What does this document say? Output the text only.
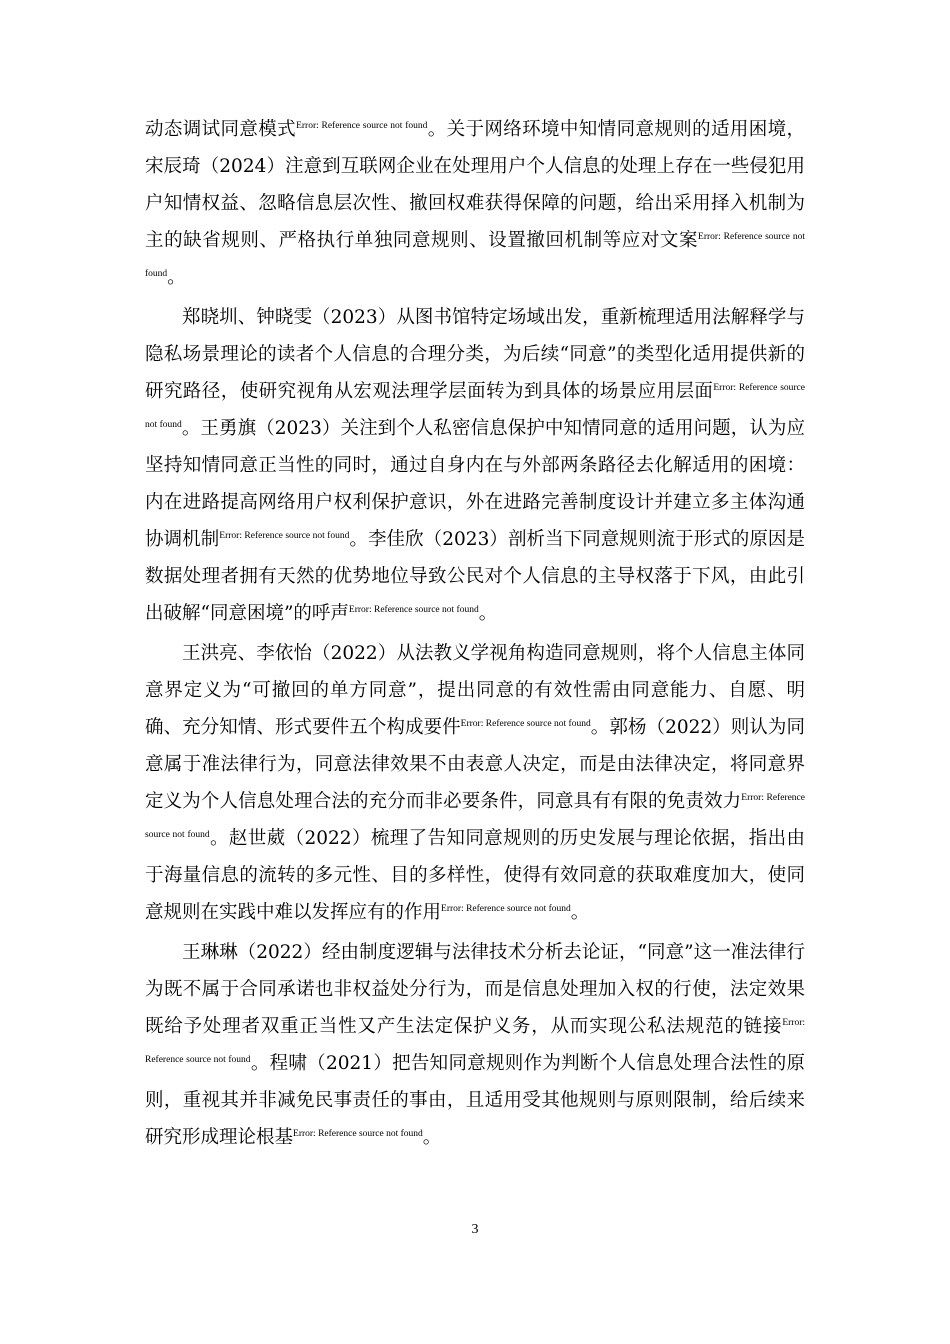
动态调试同意模式$^{Error: Reference source not found}$。关于网络环境中知情同意规则的适用困境，宋辰琦（2024）注意到互联网企业在处理用户个人信息的处理上存在一些侵犯用户知情权益、忽略信息层次性、撤回权难获得保障的问题，给出采用择入机制为主的缺省规则、严格执行单独同意规则、设置撤回机制等应对文案$^{Error: Reference source not found}$。

郑晓圳、钟晓雯（2023）从图书馆特定场域出发，重新梳理适用法解释学与隐私场景理论的读者个人信息的合理分类，为后续“同意”的类型化适用提供新的研究路径，使研究视角从宏观法理学层面转为到具体的场景应用层面$^{Error: Reference source not found}$。王勇旗（2023）关注到个人私密信息保护中知情同意的适用问题，认为应坚持知情同意正当性的同时，通过自身内在与外部两条路径去化解适用的困境：内在进路提高网络用户权利保护意识，外在进路完善制度设计并建立多主体沟通协调机制$^{Error: Reference source not found}$。李佳欣（2023）剖析当下同意规则流于形式的原因是数据处理者拥有天然的优势地位导致公民对个人信息的主导权落于下风，由此引出破解“同意困境”的呼声$^{Error: Reference source not found}$。

王洪亮、李依怡（2022）从法教义学视角构造同意规则，将个人信息主体同意界定义为“可撤回的单方同意”，提出同意的有效性需由同意能力、自愿、明确、充分知情、形式要件五个构成要件$^{Error: Reference source not found}$。郭杨（2022）则认为同意属于准法律行为，同意法律效果不由表意人决定，而是由法律决定，将同意界定义为个人信息处理合法的充分而非必要条件，同意具有有限的免责效力$^{Error: Reference source not found}$。赵世葳（2022）梳理了告知同意规则的历史发展与理论依据，指出由于海量信息的流转的多元性、目的多样性，使得有效同意的获取难度加大，使同意规则在实践中难以发挥应有的作用$^{Error: Reference source not found}$。

王琳琳（2022）经由制度逻辑与法律技术分析去论证，“同意”这一准法律行为既不属于合同承诺也非权益处分行为，而是信息处理加入权的行使，法定效果既给予处理者双重正当性又产生法定保护义务，从而实现公私法规范的链接$^{Error: Reference source not found}$。程啸（2021）把告知同意规则作为判断个人信息处理合法性的原则，重视其并非减免民事责任的事由，且适用受其他规则与原则限制，给后续来研究形成理论根基$^{Error: Reference source not found}$。

3
